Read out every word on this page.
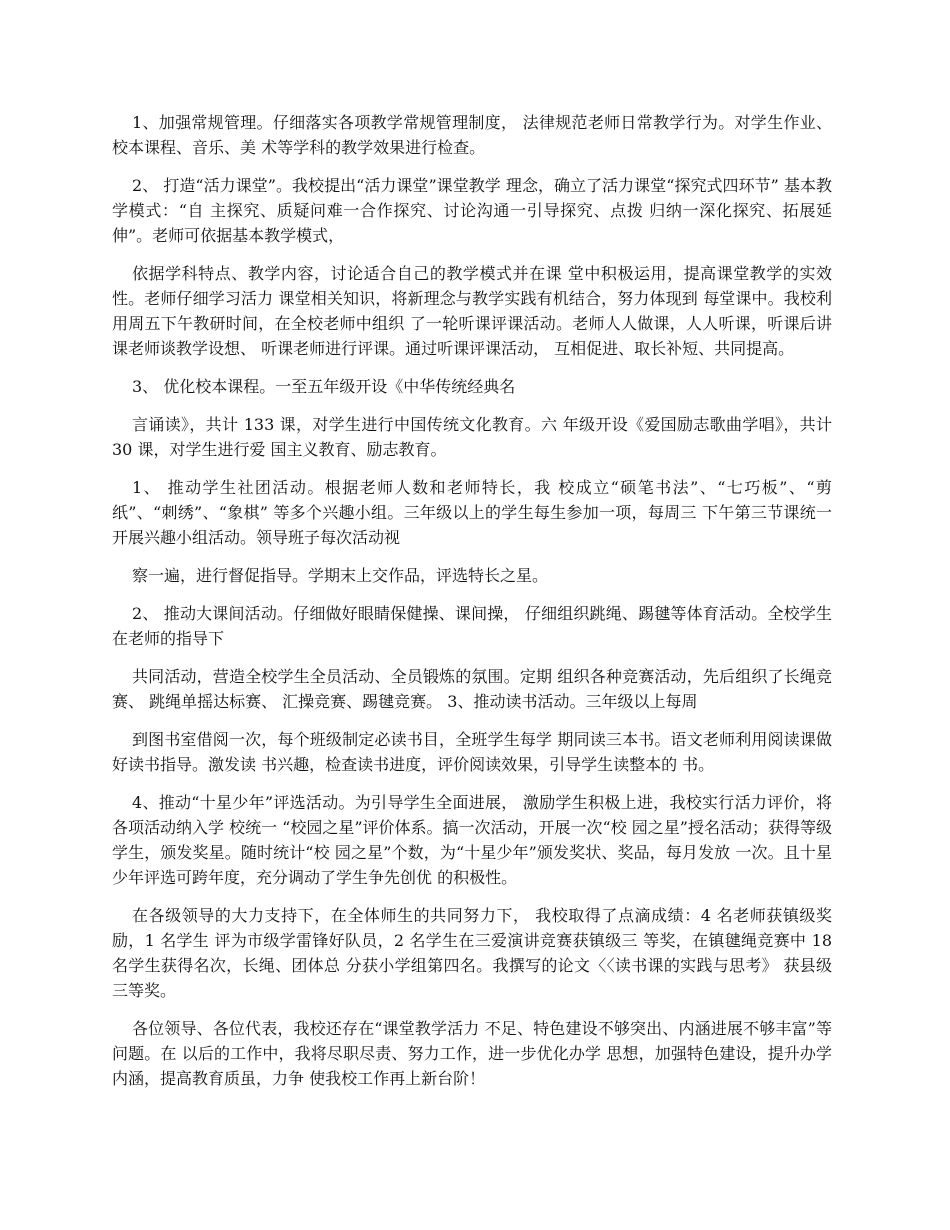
1、加强常规管理。仔细落实各项教学常规管理制度， 法律规范老师日常教学行为。对学生作业、校本课程、音乐、美 术等学科的教学效果进行检查。

2、 打造“活力课堂”。我校提出“活力课堂”课堂教学 理念，确立了活力课堂“探究式四环节” 基本教学模式：“自 主探究、质疑问难一合作探究、讨论沟通一引导探究、点拨 归纳一深化探究、拓展延伸”。老师可依据基本教学模式，

依据学科特点、教学内容，讨论适合自己的教学模式并在课 堂中积极运用，提高课堂教学的实效性。老师仔细学习活力 课堂相关知识，将新理念与教学实践有机结合，努力体现到 每堂课中。我校利用周五下午教研时间，在全校老师中组织 了一轮听课评课活动。老师人人做课，人人听课，听课后讲 课老师谈教学设想、 听课老师进行评课。通过听课评课活动， 互相促进、取长补短、共同提高。

3、 优化校本课程。一至五年级开设《中华传统经典名

言诵读》，共计 133 课，对学生进行中国传统文化教育。六 年级开设《爱国励志歌曲学唱》，共计 30 课，对学生进行爱 国主义教育、励志教育。

1、 推动学生社团活动。根据老师人数和老师特长，我 校成立“硕笔书法”、“七巧板”、“剪纸”、“刺绣”、“象棋” 等多个兴趣小组。三年级以上的学生每生参加一项，每周三 下午第三节课统一开展兴趣小组活动。领导班子每次活动视

察一遍，进行督促指导。学期末上交作品，评选特长之星。

2、 推动大课间活动。仔细做好眼睛保健操、课间操， 仔细组织跳绳、踢毽等体育活动。全校学生在老师的指导下

共同活动，营造全校学生全员活动、全员锻炼的氛围。定期 组织各种竞赛活动，先后组织了长绳竞赛、 跳绳单摇达标赛、 汇操竞赛、踢毽竞赛。 3、推动读书活动。三年级以上每周

到图书室借阅一次，每个班级制定必读书目，全班学生每学 期同读三本书。语文老师利用阅读课做好读书指导。激发读 书兴趣，检查读书进度，评价阅读效果，引导学生读整本的 书。

4、推动“十星少年”评选活动。为引导学生全面进展， 激励学生积极上进，我校实行活力评价，将各项活动纳入学 校统一 “校园之星”评价体系。搞一次活动，开展一次“校 园之星”授名活动；获得等级学生，颁发奖星。随时统计“校 园之星”个数，为“十星少年”颁发奖状、奖品，每月发放 一次。且十星少年评选可跨年度，充分调动了学生争先创优 的积极性。

在各级领导的大力支持下，在全体师生的共同努力下， 我校取得了点滴成绩：4 名老师获镇级奖励，1 名学生 评为市级学雷锋好队员，2 名学生在三爱演讲竞赛获镇级三 等奖，在镇毽绳竞赛中 18 名学生获得名次，长绳、团体总 分获小学组第四名。我撰写的论文〈〈读书课的实践与思考》 获县级三等奖。

各位领导、各位代表，我校还存在“课堂教学活力 不足、特色建设不够突出、内涵进展不够丰富”等问题。在 以后的工作中，我将尽职尽责、努力工作，进一步优化办学 思想，加强特色建设，提升办学内涵，提高教育质虽，力争 使我校工作再上新台阶！
